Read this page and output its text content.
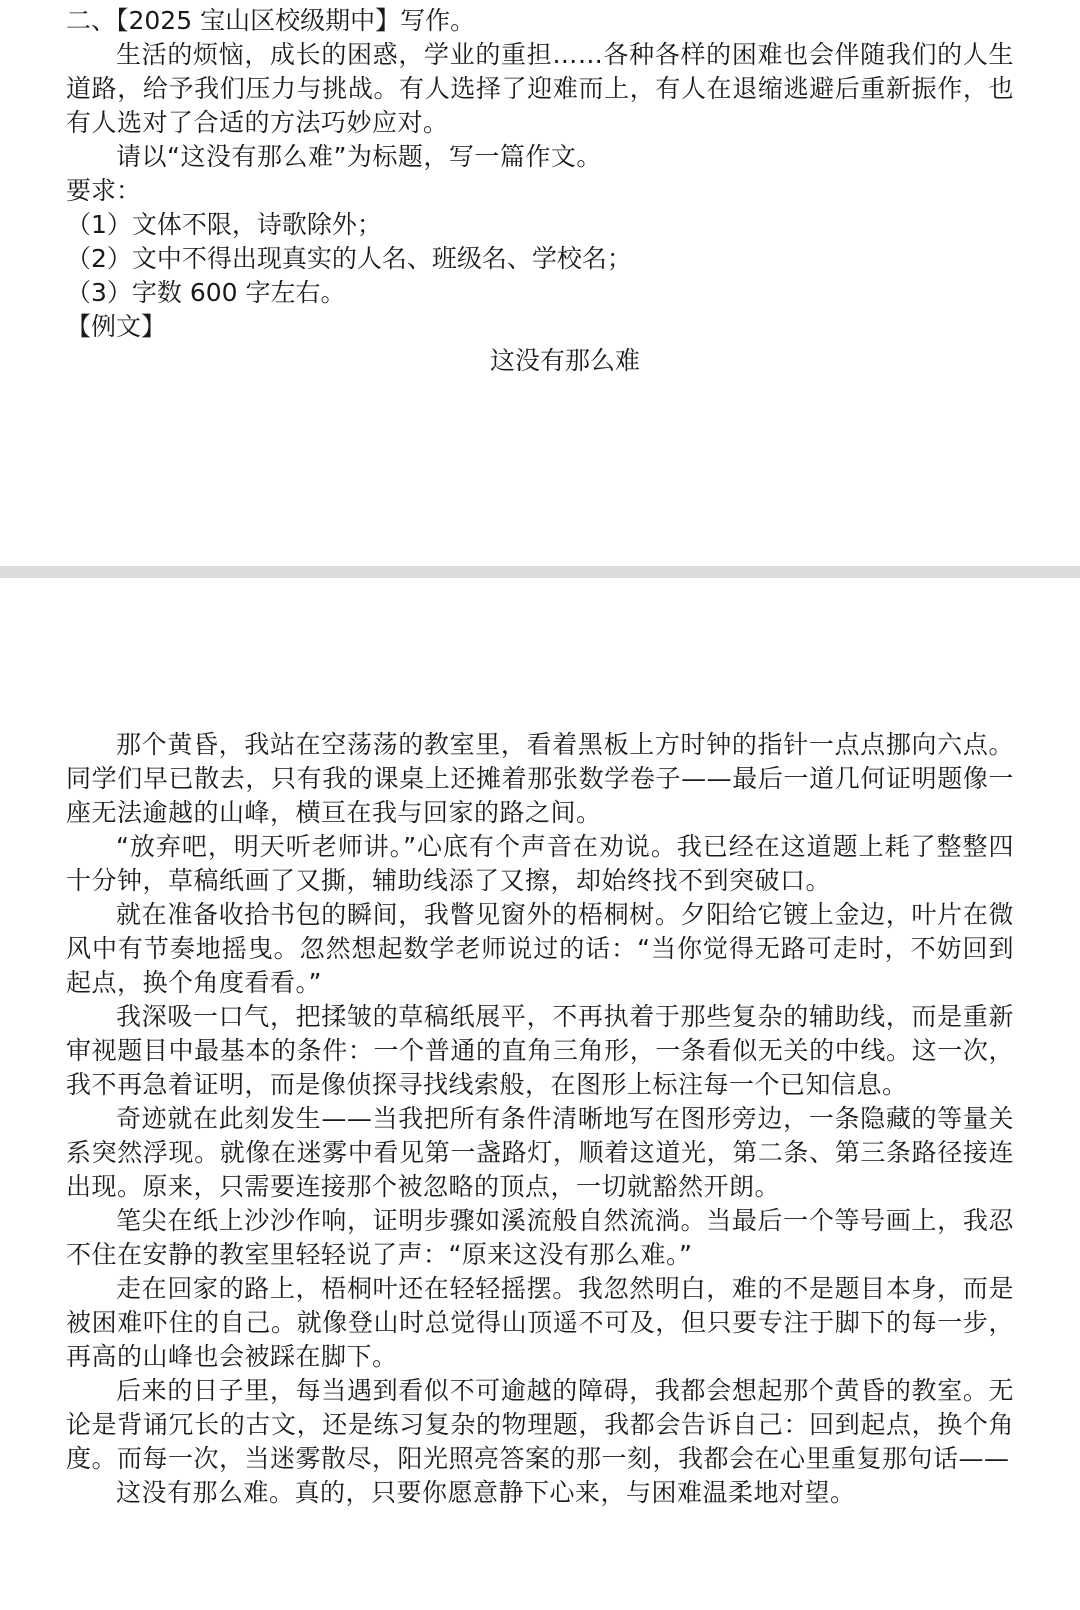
二、【2025 宝山区校级期中】写作。

生活的烦恼，成长的困惑，学业的重担……各种各样的困难也会伴随我们的人生道路，给予我们压力与挑战。有人选择了迎难而上，有人在退缩逃避后重新振作，也有人选对了合适的方法巧妙应对。

请以“这没有那么难”为标题，写一篇作文。

要求：

（1）文体不限，诗歌除外；

（2）文中不得出现真实的人名、班级名、学校名；

（3）字数 600 字左右。

【例文】

这没有那么难

那个黄昏，我站在空荡荡的教室里，看着黑板上方时钟的指针一点点挪向六点。同学们早已散去，只有我的课桌上还摊着那张数学卷子——最后一道几何证明题像一座无法逾越的山峰，横亘在我与回家的路之间。

“放弃吧，明天听老师讲。”心底有个声音在劝说。我已经在这道题上耗了整整四十分钟，草稿纸画了又撕，辅助线添了又擦，却始终找不到突破口。

就在准备收拾书包的瞬间，我瞥见窗外的梧桐树。夕阳给它镀上金边，叶片在微风中有节奏地摇曳。忽然想起数学老师说过的话：“当你觉得无路可走时，不妨回到起点，换个角度看看。”

我深吸一口气，把揉皱的草稿纸展平，不再执着于那些复杂的辅助线，而是重新审视题目中最基本的条件：一个普通的直角三角形，一条看似无关的中线。这一次，我不再急着证明，而是像侦探寻找线索般，在图形上标注每一个已知信息。

奇迹就在此刻发生——当我把所有条件清晰地写在图形旁边，一条隐藏的等量关系突然浮现。就像在迷雾中看见第一盏路灯，顺着这道光，第二条、第三条路径接连出现。原来，只需要连接那个被忽略的顶点，一切就豁然开朗。

笔尖在纸上沙沙作响，证明步骤如溪流般自然流淌。当最后一个等号画上，我忍不住在安静的教室里轻轻说了声：“原来这没有那么难。”

走在回家的路上，梧桐叶还在轻轻摇摆。我忽然明白，难的不是题目本身，而是被困难吓住的自己。就像登山时总觉得山顶遥不可及，但只要专注于脚下的每一步，再高的山峰也会被踩在脚下。

后来的日子里，每当遇到看似不可逾越的障碍，我都会想起那个黄昏的教室。无论是背诵冗长的古文，还是练习复杂的物理题，我都会告诉自己：回到起点，换个角度。而每一次，当迷雾散尽，阳光照亮答案的那一刻，我都会在心里重复那句话——

这没有那么难。真的，只要你愿意静下心来，与困难温柔地对望。
